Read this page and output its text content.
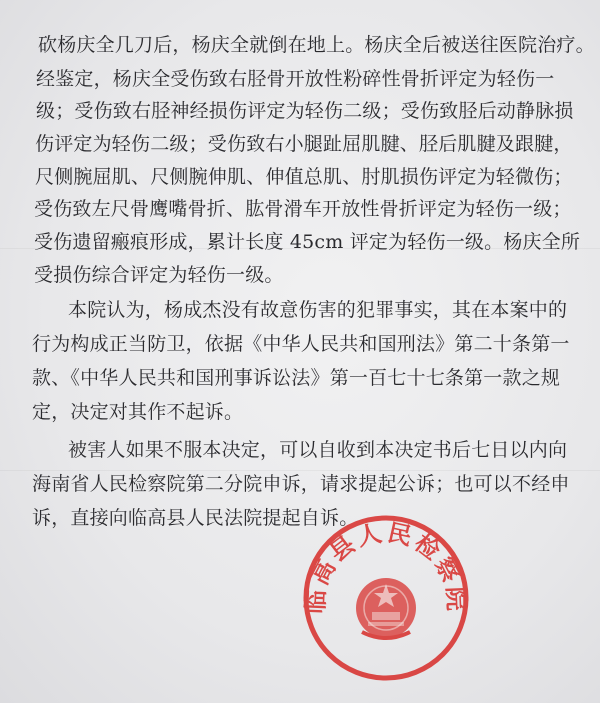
砍杨庆全几刀后，杨庆全就倒在地上。杨庆全后被送往医院治疗。
经鉴定，杨庆全受伤致右胫骨开放性粉碎性骨折评定为轻伤一
级；受伤致右胫神经损伤评定为轻伤二级；受伤致胫后动静脉损
伤评定为轻伤二级；受伤致右小腿趾屈肌腱、胫后肌腱及跟腱，
尺侧腕屈肌、尺侧腕伸肌、伸值总肌、肘肌损伤评定为轻微伤；
受伤致左尺骨鹰嘴骨折、肱骨滑车开放性骨折评定为轻伤一级；
受伤遗留瘢痕形成，累计长度 45cm 评定为轻伤一级。杨庆全所
受损伤综合评定为轻伤一级。
本院认为，杨成杰没有故意伤害的犯罪事实，其在本案中的
行为构成正当防卫，依据《中华人民共和国刑法》第二十条第一
款、《中华人民共和国刑事诉讼法》第一百七十七条第一款之规
定，决定对其作不起诉。
被害人如果不服本决定，可以自收到本决定书后七日以内向
海南省人民检察院第二分院申诉，请求提起公诉；也可以不经申
诉，直接向临高县人民法院提起自诉。
临高县人民检察院
